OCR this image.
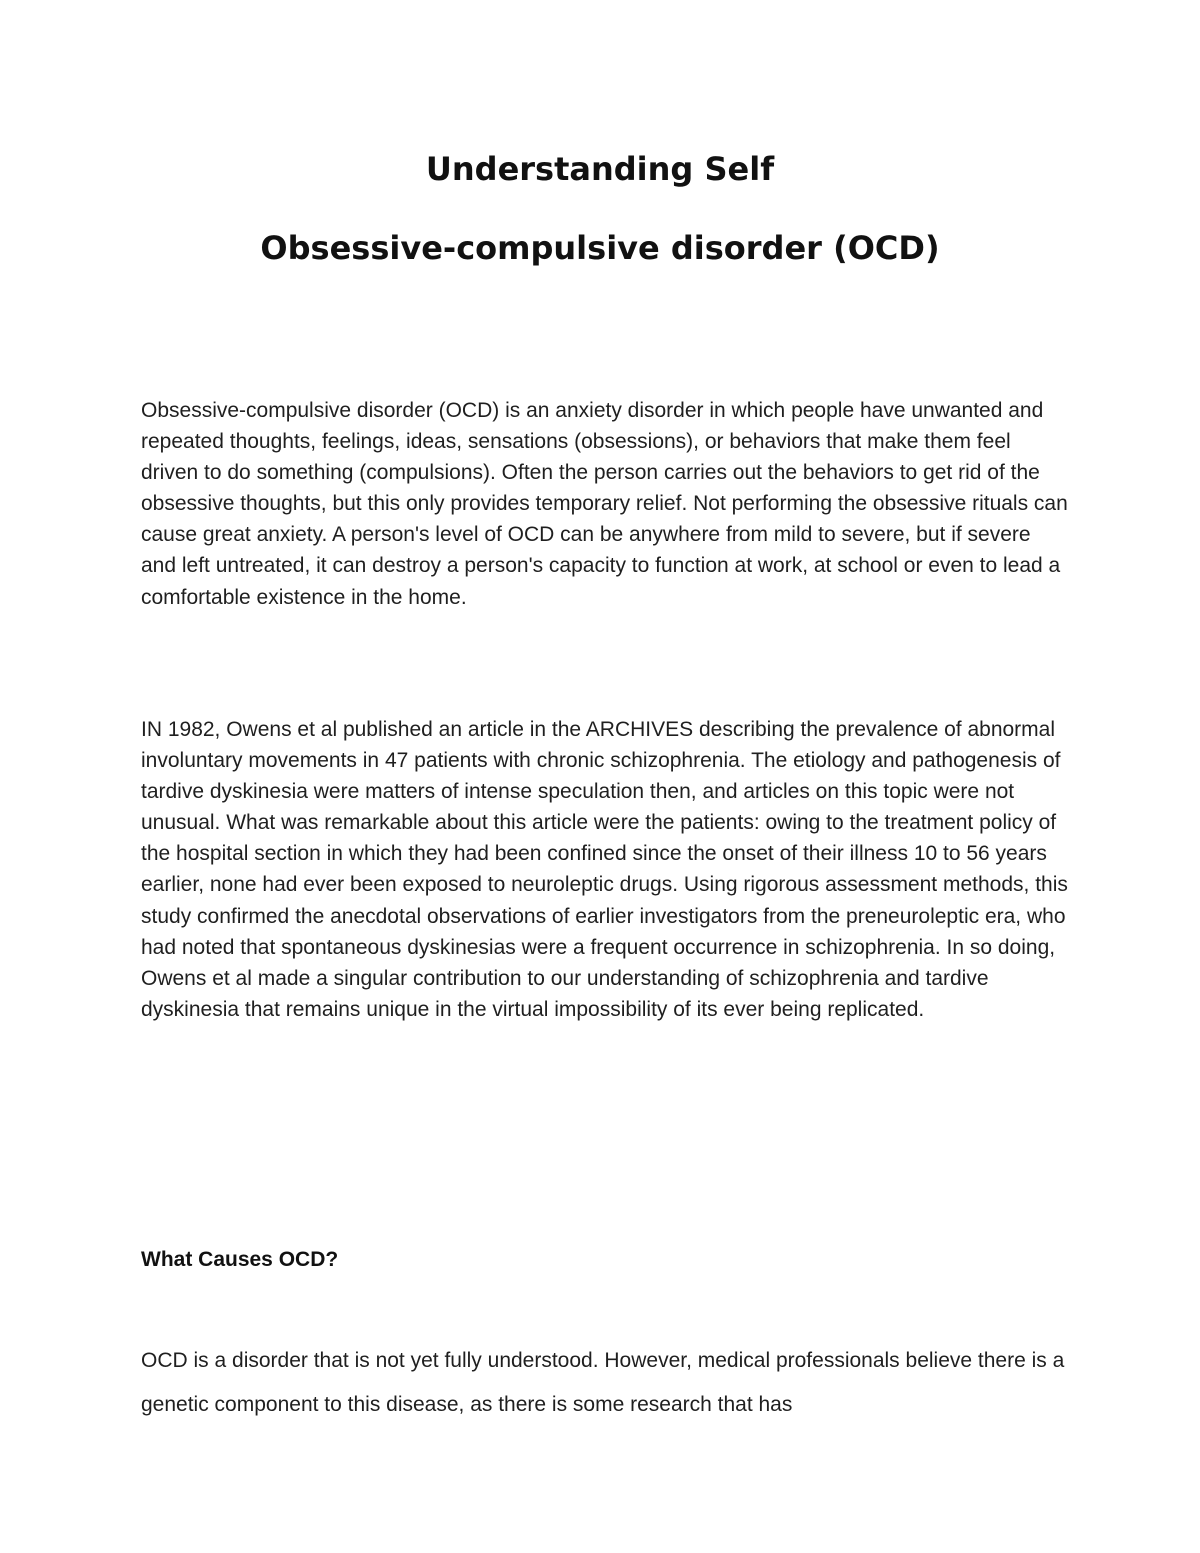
Understanding Self
Obsessive-compulsive disorder (OCD)

Obsessive-compulsive disorder (OCD) is an anxiety disorder in which people have unwanted and repeated thoughts, feelings, ideas, sensations (obsessions), or behaviors that make them feel driven to do something (compulsions). Often the person carries out the behaviors to get rid of the obsessive thoughts, but this only provides temporary relief. Not performing the obsessive rituals can cause great anxiety. A person's level of OCD can be anywhere from mild to severe, but if severe and left untreated, it can destroy a person's capacity to function at work, at school or even to lead a comfortable existence in the home.

IN 1982, Owens et al published an article in the ARCHIVES describing the prevalence of abnormal involuntary movements in 47 patients with chronic schizophrenia. The etiology and pathogenesis of tardive dyskinesia were matters of intense speculation then, and articles on this topic were not unusual. What was remarkable about this article were the patients: owing to the treatment policy of the hospital section in which they had been confined since the onset of their illness 10 to 56 years earlier, none had ever been exposed to neuroleptic drugs. Using rigorous assessment methods, this study confirmed the anecdotal observations of earlier investigators from the preneuroleptic era, who had noted that spontaneous dyskinesias were a frequent occurrence in schizophrenia. In so doing, Owens et al made a singular contribution to our understanding of schizophrenia and tardive dyskinesia that remains unique in the virtual impossibility of its ever being replicated.

What Causes OCD?

OCD is a disorder that is not yet fully understood. However, medical professionals believe there is a genetic component to this disease, as there is some research that has
